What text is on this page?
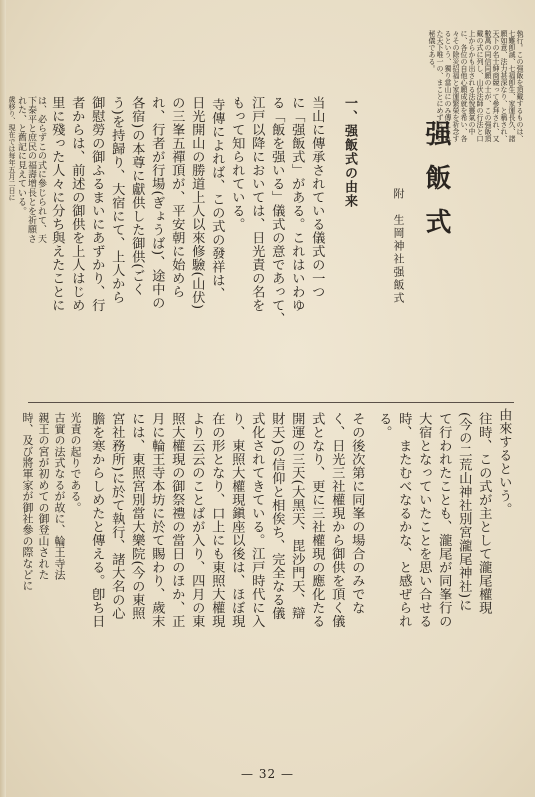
强飯式
附　生岡神社强飯式
一、强飯式の由来
当山に傳承されている儀式の一つ
に「强飯式」がある。これはいわゆ
る「飯を强いる」儀式の意であって、
江戸以降においては、日光責の名を
もって知られている。
寺傳によれば、この式の發祥は、
日光開山の勝道上人以來修驗(山伏)
の三峯五禪頂が、平安朝に始めら
れ、行者が行場(ぎょうば)、途中の
各宿)の本尊に獻供した御供(ごく
う)を持歸り、大宿にて、上人から
御慰勞の御ふるまいにあずかり、行
者からは、前述の御供を上人はじめ
里に殘った人々に分ち與えたことに
由來するという。
往時、この式が主として瀧尾權現
(今の二荒山神社別宮瀧尾神社)に
て行われたことも、瀧尾が同峯行の
大宿となっていたことを思い合せる
時、またむべなるかな、と感ぜられ
る。
その後次第に同峯の場合のみでな
く、日光三社權現から御供を頂く儀
式となり、更に三社權現の應化たる
開運の三天(大黑天、毘沙門天、辯
財天)の信仰と相俟ち、完全なる儀
式化されてきている。江戸時代に入
り、東照大權現鎭座以後は、ほぼ現
在の形となり、口上にも東照大權現
より云云のことばが入り、四月の東
照大權現の御祭禮の當日のほか、正
月に輪王寺本坊に於て賜わり、歲末
には、東照宮別當大樂院(今の東照
宮社務所)に於て執行、諸大名の心
膽を寒からしめたと傳える。卽ち日
光責の起りである。
古實の法式なるが故に、輪王寺法
親王の宮が初めての御登山された
時、及び將軍家が御社參の際などに
は、必らずこの式に參じられて、天
下泰平と庶民の福壽增長とを祈願さ
れた、と舊記に見えている。
歲移り、現在では每年五月二日に
執行。この强飯を頂戴するものは、
七難卽滅、七福卽生、家運長久、諸
願如意、法力甚深なり、と稱され、
天下の名士紳商競って參拜され、又
數萬の同信同願の士が、この强飯頂
戴の式に列し、山伏法師の行法と口
上からかも出される法悅靈氣の中
に、各位の自他心願成就を希い、各
々その除災招福と家運繁榮を祈念す
るという、獨り當山にのみ傳えられ
た天下唯一の、まことにめずらしい
秘儀である。
— 32 —
